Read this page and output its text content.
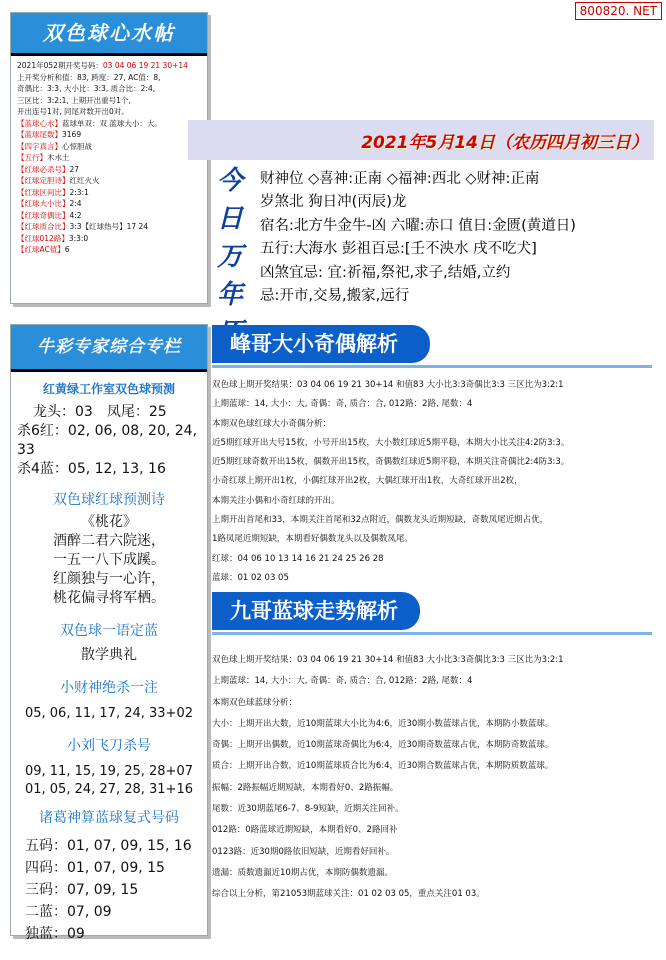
800820. NET
双色球心水帖
2021年052期开奖号码：03 04 06 19 21 30+14
上开奖分析和值：83, 跨度：27, AC值：8,
奇偶比：3:3, 大小比：3:3, 质合比：2:4,
三区比：3:2:1, 上期开出重号1个,
开出连号1对, 同尾对数开出0对。
【蓝球心水】蓝球单双：双 蓝球大小：大。
【蓝球尾数】3169
【四字真言】心惊胆战
【五行】木水土
【红球必杀号】27
【红球定胆诗】红红火火
【红球区间比】2:3:1
【红球大小比】2:4
【红球奇偶比】4:2
【红球质合比】3:3【红球热号】17 24
【红球012路】3:3:0
【红球AC值】6
牛彩专家综合专栏
红黄绿工作室双色球预测
龙头：03　凤尾：25
杀6红：02, 06, 08, 20, 24, 33
杀4蓝：05, 12, 13, 16
双色球红球预测诗
《桃花》
酒醉二君六院迷，
一五一八下成蹊。
红颜独与一心许，
桃花偏寻将军栖。
双色球一语定蓝
散学典礼
小财神绝杀一注
05, 06, 11, 17, 24, 33+02
小刘飞刀杀号
09, 11, 15, 19, 25, 28+07
01, 05, 24, 27, 28, 31+16
诸葛神算蓝球复式号码
五码：01, 07, 09, 15, 16
四码：01, 07, 09, 15
三码：07, 09, 15
二蓝：07, 09
独蓝：09
2021年5月14日（农历四月初三日）
今
日
万
年
财神位 ◇喜神:正南 ◇福神:西北 ◇财神:正南
岁煞北 狗日冲(丙辰)龙
宿名:北方牛金牛-凶 六曜:赤口 值日:金匮(黄道日)
五行:大海水 彭祖百忌:[壬不泱水 戌不吃犬]
凶煞宜忌: 宜:祈福,祭祀,求子,结婚,立约
忌:开市,交易,搬家,远行
峰哥大小奇偶解析
双色球上期开奖结果：03 04 06 19 21 30+14 和值83 大小比3:3奇偶比3:3 三区比为3:2:1
上期蓝球：14, 大小：大, 奇偶：奇, 质合：合, 012路：2路, 尾数：4
本期双色球红球大小奇偶分析：
近5期红球开出大号15枚，小号开出15枚，大小数红球近5期平稳，本期大小比关注4:2防3:3。
近5期红球奇数开出15枚，偶数开出15枚，奇偶数红球近5期平稳，本期关注奇偶比2:4防3:3。
小奇红球上期开出1枚，小偶红球开出2枚，大偶红球开出1枚，大奇红球开出2枚，
本期关注小偶和小奇红球的开出。
上期开出首尾和33，本期关注首尾和32点附近，偶数龙头近期短缺，奇数凤尾近期占优，
1路凤尾近期短缺，本期看好偶数龙头以及偶数凤尾。
红球：04 06 10 13 14 16 21 24 25 26 28
蓝球：01 02 03 05
九哥蓝球走势解析
双色球上期开奖结果：03 04 06 19 21 30+14 和值83 大小比3:3奇偶比3:3 三区比为3:2:1
上期蓝球：14, 大小：大, 奇偶：奇, 质合：合, 012路：2路, 尾数：4
本期双色球蓝球分析：
大小：上期开出大数，近10期蓝球大小比为4:6，近30期小数蓝球占优，本期防小数蓝球。
奇偶：上期开出偶数，近10期蓝球奇偶比为6:4，近30期奇数蓝球占优，本期防奇数蓝球。
质合：上期开出合数，近10期蓝球质合比为6:4，近30期合数蓝球占优，本期防质数蓝球。
振幅：2路振幅近期短缺，本期看好0、2路振幅。
尾数：近30期蓝尾6-7、8-9短缺，近期关注回补。
012路：0路蓝球近期短缺，本期看好0、2路回补
0123路：近30期0路依旧短缺，近期看好回补。
遗漏：质数遗漏近10期占优，本期防偶数遗漏。
综合以上分析，第21053期蓝球关注：01 02 03 05，重点关注01 03。
